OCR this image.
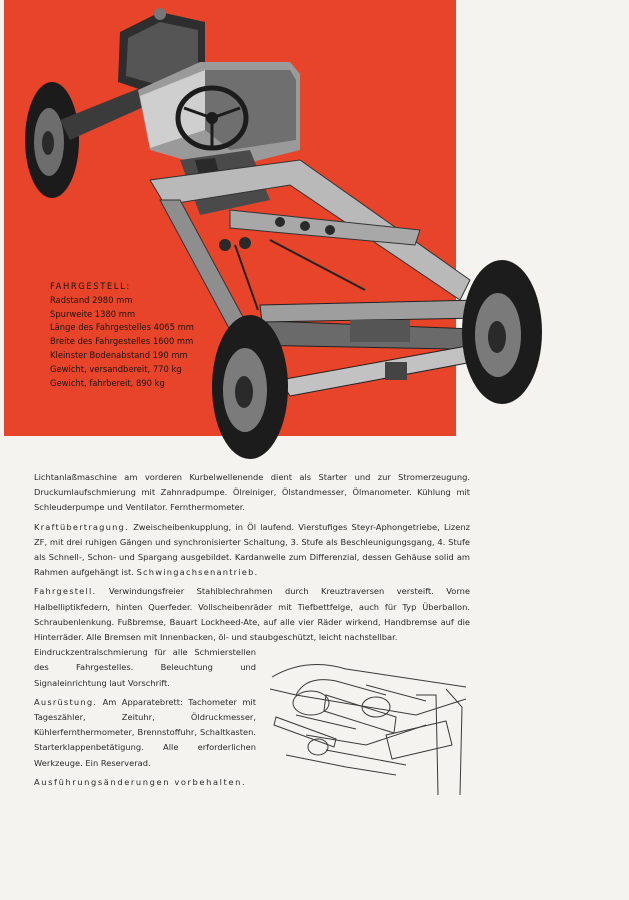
FAHRGESTELL:
Radstand 2980 mm
Spurweite 1380 mm
Länge des Fahrgestelles 4065 mm
Breite des Fahrgestelles 1600 mm
Kleinster Bodenabstand 190 mm
Gewicht, versandbereit, 770 kg
Gewicht, fahrbereit, 890 kg

Lichtanlaßmaschine am vorderen Kurbelwellenende dient als Starter und zur Stromerzeugung. Druckumlaufschmierung mit Zahnradpumpe. Ölreiniger, Ölstandmesser, Ölmanometer. Kühlung mit Schleuderpumpe und Ventilator. Fernthermometer.

Kraftübertragung. Zweischeibenkupplung, in Öl laufend. Vierstufiges Steyr-Aphongetriebe, Lizenz ZF, mit drei ruhigen Gängen und synchronisierter Schaltung, 3. Stufe als Beschleunigungsgang, 4. Stufe als Schnell-, Schon- und Spargang ausgebildet. Kardanwelle zum Differenzial, dessen Gehäuse solid am Rahmen aufgehängt ist. Schwingachsenantrieb.

Fahrgestell. Verwindungsfreier Stahlblechrahmen durch Kreuztraversen versteift. Vorne Halbelliptikfedern, hinten Querfeder. Vollscheibenräder mit Tiefbettfelge, auch für Typ Überballon. Schraubenlenkung. Fußbremse, Bauart Lockheed-Ate, auf alle vier Räder wirkend, Handbremse auf die Hinterräder. Alle Bremsen mit Innenbacken, öl- und staubgeschützt, leicht nachstellbar.

Eindruckzentralschmierung für alle Schmierstellen des Fahrgestelles. Beleuchtung und Signaleinrichtung laut Vorschrift.

Ausrüstung. Am Apparatebrett: Tachometer mit Tageszähler, Zeituhr, Öldruckmesser, Kühlerfernthermometer, Brennstoffuhr, Schaltkasten. Starterklappenbetätigung. Alle erforderlichen Werkzeuge. Ein Reserverad.

Ausführungsänderungen vorbehalten.
